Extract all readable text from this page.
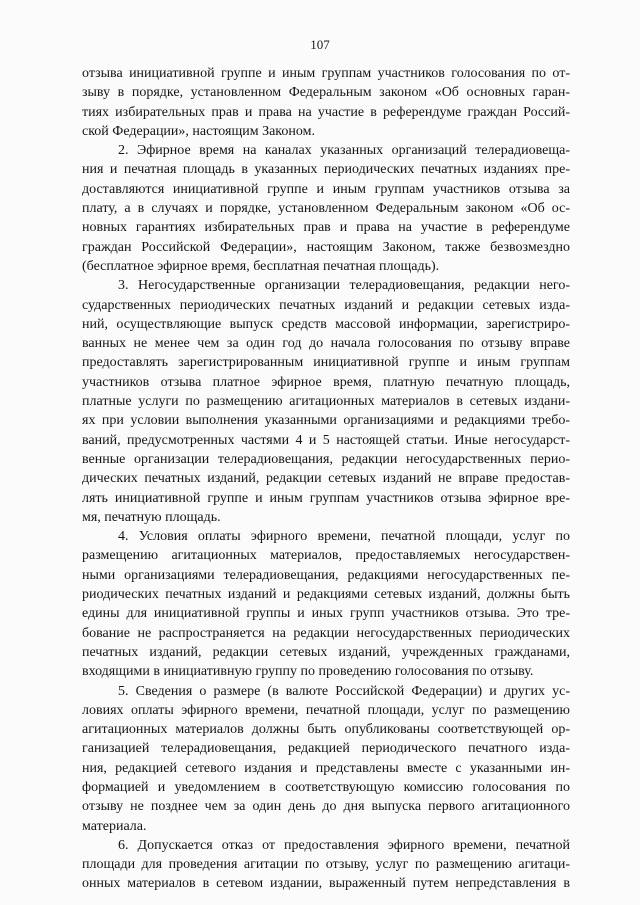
107
отзыва инициативной группе и иным группам участников голосования по от-
зыву в порядке, установленном Федеральным законом «Об основных гаран-
тиях избирательных прав и права на участие в референдуме граждан Россий-
ской Федерации», настоящим Законом.
2. Эфирное время на каналах указанных организаций телерадиовеща-
ния и печатная площадь в указанных периодических печатных изданиях пре-
доставляются инициативной группе и иным группам участников отзыва за
плату, а в случаях и порядке, установленном Федеральным законом «Об ос-
новных гарантиях избирательных прав и права на участие в референдуме
граждан Российской Федерации», настоящим Законом, также безвозмездно
(бесплатное эфирное время, бесплатная печатная площадь).
3. Негосударственные организации телерадиовещания, редакции него-
сударственных периодических печатных изданий и редакции сетевых изда-
ний, осуществляющие выпуск средств массовой информации, зарегистриро-
ванных не менее чем за один год до начала голосования по отзыву вправе
предоставлять зарегистрированным инициативной группе и иным группам
участников отзыва платное эфирное время, платную печатную площадь,
платные услуги по размещению агитационных материалов в сетевых издани-
ях при условии выполнения указанными организациями и редакциями требо-
ваний, предусмотренных частями 4 и 5 настоящей статьи. Иные негосударст-
венные организации телерадиовещания, редакции негосударственных перио-
дических печатных изданий, редакции сетевых изданий не вправе предостав-
лять инициативной группе и иным группам участников отзыва эфирное вре-
мя, печатную площадь.
4. Условия оплаты эфирного времени, печатной площади, услуг по
размещению агитационных материалов, предоставляемых негосударствен-
ными организациями телерадиовещания, редакциями негосударственных пе-
риодических печатных изданий и редакциями сетевых изданий, должны быть
едины для инициативной группы и иных групп участников отзыва. Это тре-
бование не распространяется на редакции негосударственных периодических
печатных изданий, редакции сетевых изданий, учрежденных гражданами,
входящими в инициативную группу по проведению голосования по отзыву.
5. Сведения о размере (в валюте Российской Федерации) и других ус-
ловиях оплаты эфирного времени, печатной площади, услуг по размещению
агитационных материалов должны быть опубликованы соответствующей ор-
ганизацией телерадиовещания, редакцией периодического печатного изда-
ния, редакцией сетевого издания и представлены вместе с указанными ин-
формацией и уведомлением в соответствующую комиссию голосования по
отзыву не позднее чем за один день до дня выпуска первого агитационного
материала.
6. Допускается отказ от предоставления эфирного времени, печатной
площади для проведения агитации по отзыву, услуг по размещению агитаци-
онных материалов в сетевом издании, выраженный путем непредставления в
